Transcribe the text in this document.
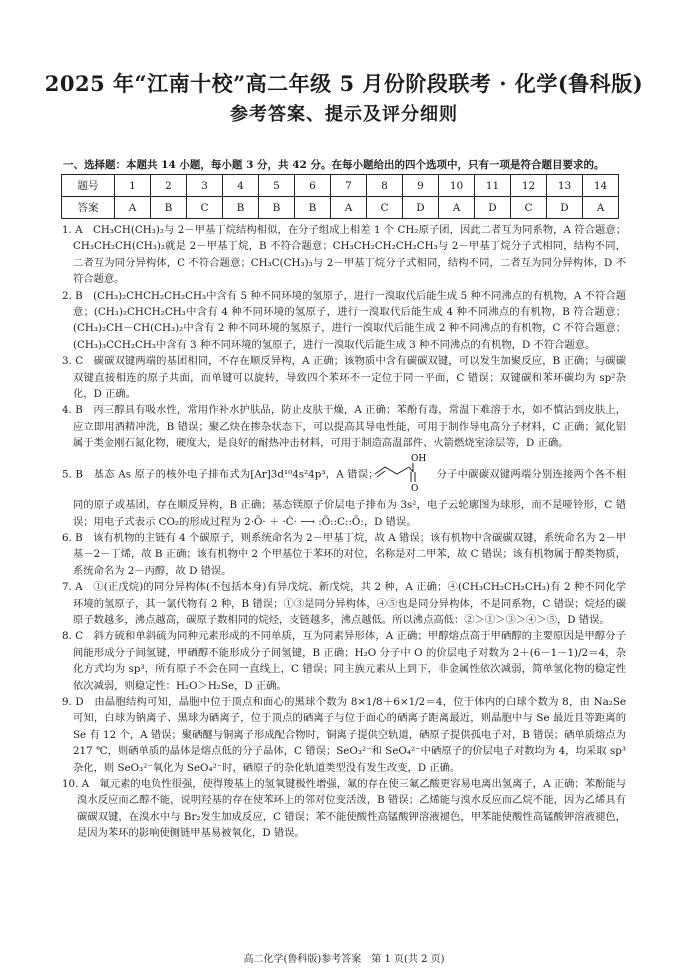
2025 年“江南十校”高二年级 5 月份阶段联考 · 化学(鲁科版)
参考答案、提示及评分细则
一、选择题：本题共 14 小题，每小题 3 分，共 42 分。在每小题给出的四个选项中，只有一项是符合题目要求的。
题号	1	2	3	4	5	6	7	8	9	10	11	12	13	14
答案	A	B	C	B	B	B	A	C	D	A	D	C	D	A
1. A　CH₃CH(CH₃)₂与 2－甲基丁烷结构相似，在分子组成上相差 1 个 CH₂原子团，因此二者互为同系物，A 符合题意；CH₃CH₂CH(CH₃)₂就是 2－甲基丁烷，B 不符合题意；CH₃CH₂CH₂CH₂CH₃与 2－甲基丁烷分子式相同，结构不同，二者互为同分异构体，C 不符合题意；CH₃C(CH₃)₃与 2－甲基丁烷分子式相同，结构不同，二者互为同分异构体，D 不符合题意。
2. B　(CH₃)₂CHCH₂CH₂CH₃中含有 5 种不同环境的氢原子，进行一溴取代后能生成 5 种不同沸点的有机物，A 不符合题意；(CH₃)₂CHCH₂CH₃中含有 4 种不同环境的氢原子，进行一溴取代后能生成 4 种不同沸点的有机物，B 符合题意；(CH₃)₂CH－CH(CH₃)₂中含有 2 种不同环境的氢原子，进行一溴取代后能生成 2 种不同沸点的有机物，C 不符合题意；(CH₃)₃CCH₂CH₃中含有 3 种不同环境的氢原子，进行一溴取代后能生成 3 种不同沸点的有机物，D 不符合题意。
3. C　碳碳双键两端的基团相同，不存在顺反异构，A 正确；该物质中含有碳碳双键，可以发生加聚反应，B 正确；与碳碳双键直接相连的原子共面，而单键可以旋转，导致四个苯环不一定位于同一平面，C 错误；双键碳和苯环碳均为 sp²杂化，D 正确。
4. B　丙三醇具有吸水性，常用作补水护肤品，防止皮肤干燥，A 正确；苯酚有毒，常温下难溶于水，如不慎沾到皮肤上，应立即用酒精冲洗，B 错误；聚乙炔在掺杂状态下，可以提高其导电性能，可用于制作导电高分子材料，C 正确；氮化铝属于类金刚石氮化物，硬度大，是良好的耐热冲击材料，可用于制造高温部件、火箭燃烧室涂层等，D 正确。
5. B　基态 As 原子的核外电子排布式为[Ar]3d¹⁰4s²4p³，A 错误；
OH
O
分子中碳碳双键两端分别连接两个各不相同的原子或基团，存在顺反异构，B 正确；基态镁原子价层电子排布为 3s²，电子云轮廓图为球形，而不是哑铃形，C 错误；用电子式表示 CO₂的形成过程为 2·Ö· ＋ ·Ċ· ⟶ :Ö::C::Ö:，D 错误。
6. B　该有机物的主链有 4 个碳原子，则系统命名为 2－甲基丁烷，故 A 错误；该有机物中含碳碳双键，系统命名为 2－甲基－2－丁烯，故 B 正确；该有机物中 2 个甲基位于苯环的对位，名称是对二甲苯，故 C 错误；该有机物属于醇类物质，系统命名为 2－丙醇，故 D 错误。
7. A　①(正戊烷)的同分异构体(不包括本身)有异戊烷、新戊烷，共 2 种，A 正确；④(CH₃CH₂CH₂CH₃)有 2 种不同化学环境的氢原子，其一氯代物有 2 种，B 错误；①③是同分异构体，④⑤也是同分异构体，不是同系物，C 错误；烷烃的碳原子数越多，沸点越高，碳原子数相同的烷烃，支链越多，沸点越低。所以沸点高低：②＞①＞③＞④＞⑤，D 错误。
8. C　斜方硫和单斜硫为同种元素形成的不同单质，互为同素异形体，A 正确；甲醇熔点高于甲硒醇的主要原因是甲醇分子间能形成分子间氢键，甲硒醇不能形成分子间氢键，B 正确；H₂O 分子中 O 的价层电子对数为 2＋(6－1－1)/2＝4，杂化方式均为 sp³，所有原子不会在同一直线上，C 错误；同主族元素从上到下，非金属性依次减弱，简单氢化物的稳定性依次减弱，则稳定性：H₂O＞H₂Se，D 正确。
9. D　由晶胞结构可知，晶胞中位于顶点和面心的黑球个数为 8×1/8＋6×1/2＝4，位于体内的白球个数为 8，由 Na₂Se 可知，白球为钠离子、黑球为硒离子，位于顶点的硒离子与位于面心的硒离子距离最近，则晶胞中与 Se 最近且等距离的 Se 有 12 个，A 错误；聚硒醚与铜离子形成配合物时，铜离子提供空轨道，硒原子提供孤电子对，B 错误；硒单质熔点为 217 ℃，则硒单质的晶体是熔点低的分子晶体，C 错误；SeO₃²⁻和 SeO₄²⁻中硒原子的价层电子对数均为 4，均采取 sp³杂化，则 SeO₃²⁻氧化为 SeO₄²⁻时，硒原子的杂化轨道类型没有发生改变，D 正确。
10. A　氟元素的电负性很强，使得羧基上的氢氧键极性增强，氟的存在使三氟乙酸更容易电离出氢离子，A 正确；苯酚能与溴水反应而乙醇不能，说明羟基的存在使苯环上的邻对位变活泼，B 错误；乙烯能与溴水反应而乙烷不能，因为乙烯具有碳碳双键，在溴水中与 Br₂发生加成反应，C 错误；苯不能使酸性高锰酸钾溶液褪色，甲苯能使酸性高锰酸钾溶液褪色，是因为苯环的影响使侧链甲基易被氧化，D 错误。
高二化学(鲁科版)参考答案　第 1 页(共 2 页)
